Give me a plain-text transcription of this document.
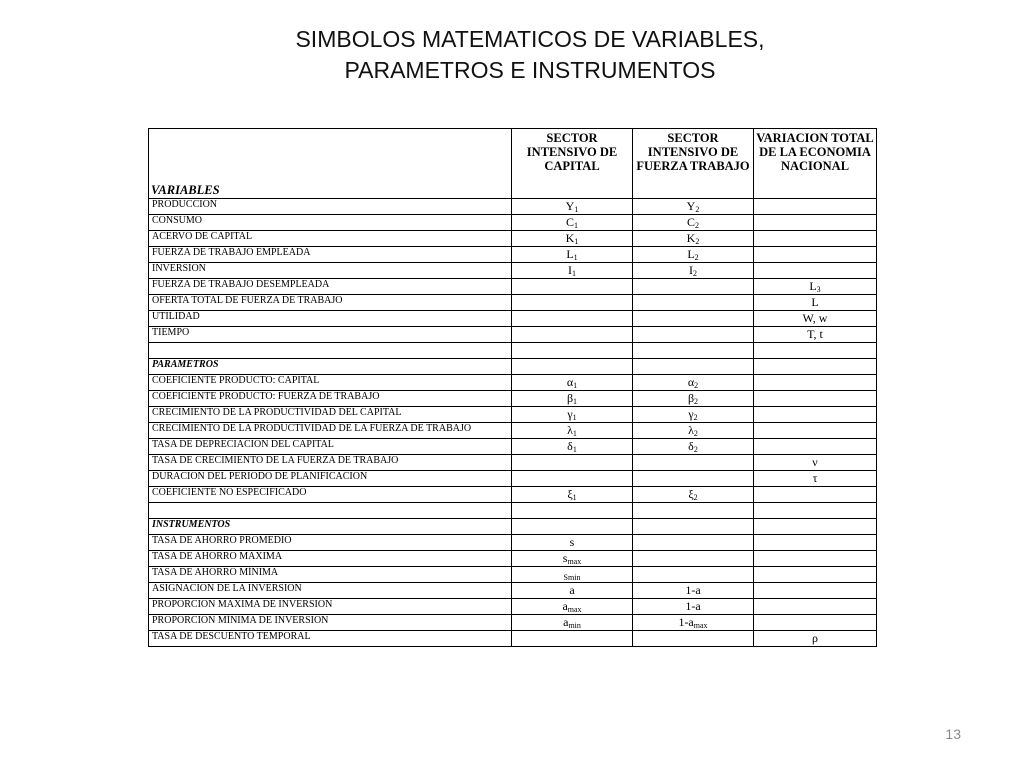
SIMBOLOS MATEMATICOS DE VARIABLES,
PARAMETROS E INSTRUMENTOS
VARIABLES	SECTOR INTENSIVO DE CAPITAL	SECTOR INTENSIVO DE FUERZA TRABAJO	VARIACION TOTAL DE LA ECONOMIA NACIONAL
PRODUCCION	$Y_1$	$Y_2$	
CONSUMO	$C_1$	$C_2$	
ACERVO DE CAPITAL	$K_1$	$K_2$	
FUERZA DE TRABAJO EMPLEADA	$L_1$	$L_2$	
INVERSION	$I_1$	$I_2$	
FUERZA DE TRABAJO DESEMPLEADA			$L_3$
OFERTA TOTAL DE FUERZA DE TRABAJO			L
UTILIDAD			W, w
TIEMPO			T, t

PARAMETROS			
COEFICIENTE PRODUCTO: CAPITAL	$\alpha_1$	$\alpha_2$	
COEFICIENTE PRODUCTO: FUERZA DE TRABAJO	$\beta_1$	$\beta_2$	
CRECIMIENTO DE LA PRODUCTIVIDAD DEL CAPITAL	$\gamma_1$	$\gamma_2$	
CRECIMIENTO DE LA PRODUCTIVIDAD DE LA FUERZA DE TRABAJO	$\lambda_1$	$\lambda_2$	
TASA DE DEPRECIACION DEL CAPITAL	$\delta_1$	$\delta_2$	
TASA DE CRECIMIENTO DE LA FUERZA DE TRABAJO			ν
DURACION DEL PERIODO DE PLANIFICACION			τ
COEFICIENTE NO ESPECIFICADO	$\xi_1$	$\xi_2$	

INSTRUMENTOS			
TASA DE AHORRO PROMEDIO	s		
TASA DE AHORRO MAXIMA	$s_{max}$		
TASA DE AHORRO MÍNIMA	$_{Smin}$		
ASIGNACION DE LA INVERSION	a	1-a	
PROPORCION MAXIMA DE INVERSION	$a_{max}$	1-a	
PROPORCION MÍNIMA DE INVERSION	$a_{min}$	$1-a_{max}$	
TASA DE DESCUENTO TEMPORAL			ρ
13
